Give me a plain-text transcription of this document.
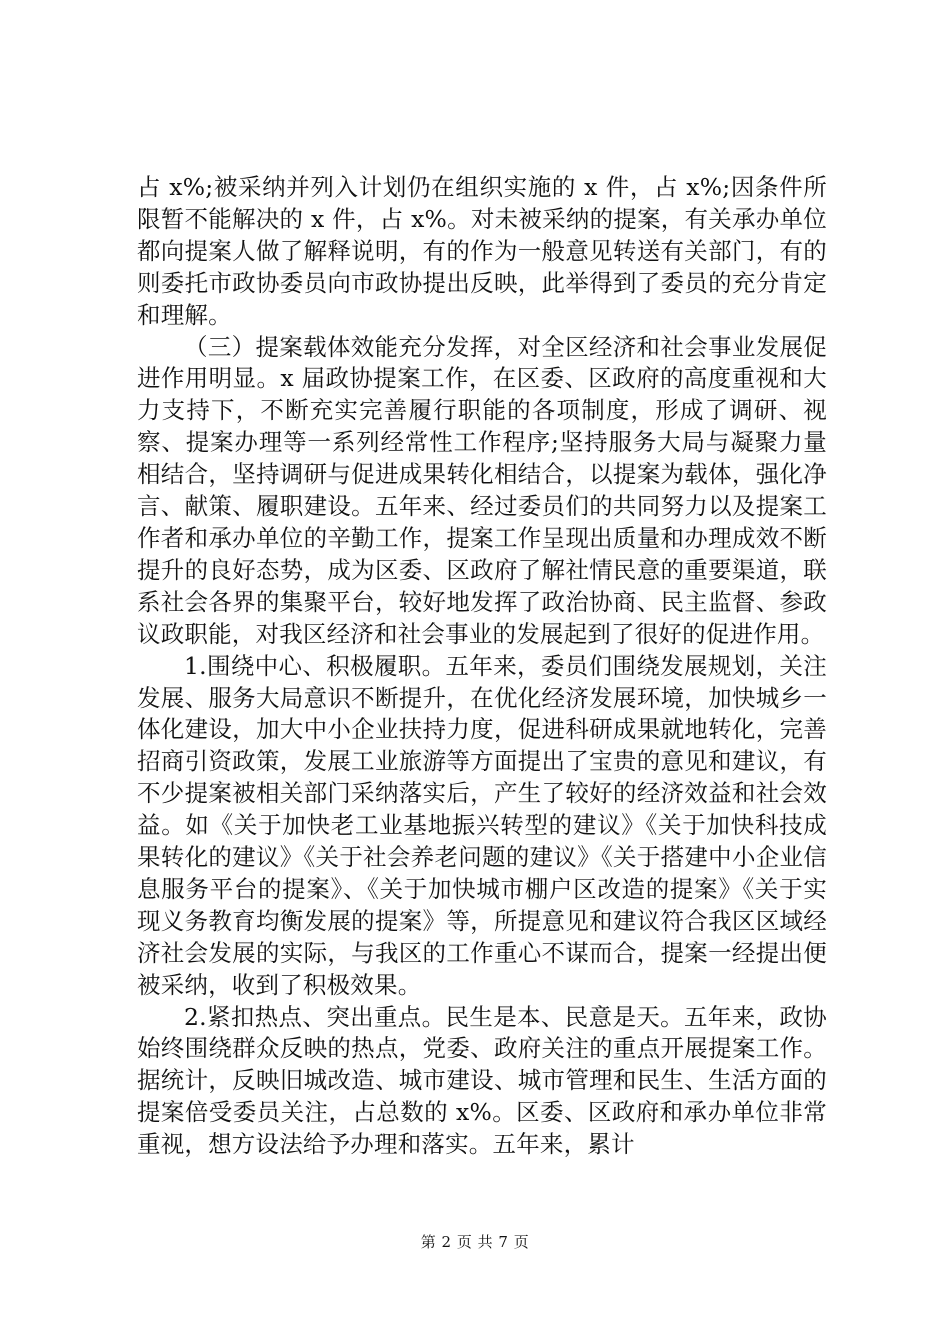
占 x%;被采纳并列入计划仍在组织实施的 x 件，占 x%;因条件所限暂不能解决的 x 件，占 x%。对未被采纳的提案，有关承办单位都向提案人做了解释说明，有的作为一般意见转送有关部门，有的则委托市政协委员向市政协提出反映，此举得到了委员的充分肯定和理解。

（三）提案载体效能充分发挥，对全区经济和社会事业发展促进作用明显。x 届政协提案工作，在区委、区政府的高度重视和大力支持下，不断充实完善履行职能的各项制度，形成了调研、视察、提案办理等一系列经常性工作程序;坚持服务大局与凝聚力量相结合，坚持调研与促进成果转化相结合，以提案为载体，强化净言、献策、履职建设。五年来、经过委员们的共同努力以及提案工作者和承办单位的辛勤工作，提案工作呈现出质量和办理成效不断提升的良好态势，成为区委、区政府了解社情民意的重要渠道，联系社会各界的集聚平台，较好地发挥了政治协商、民主监督、参政议政职能，对我区经济和社会事业的发展起到了很好的促进作用。

1.围绕中心、积极履职。五年来，委员们围绕发展规划，关注发展、服务大局意识不断提升，在优化经济发展环境，加快城乡一体化建设，加大中小企业扶持力度，促进科研成果就地转化，完善招商引资政策，发展工业旅游等方面提出了宝贵的意见和建议，有不少提案被相关部门采纳落实后，产生了较好的经济效益和社会效益。如《关于加快老工业基地振兴转型的建议》《关于加快科技成果转化的建议》《关于社会养老问题的建议》《关于搭建中小企业信息服务平台的提案》、《关于加快城市棚户区改造的提案》《关于实现义务教育均衡发展的提案》等，所提意见和建议符合我区区域经济社会发展的实际，与我区的工作重心不谋而合，提案一经提出便被采纳，收到了积极效果。

2.紧扣热点、突出重点。民生是本、民意是天。五年来，政协始终围绕群众反映的热点，党委、政府关注的重点开展提案工作。据统计，反映旧城改造、城市建设、城市管理和民生、生活方面的提案倍受委员关注，占总数的 x%。区委、区政府和承办单位非常重视，想方设法给予办理和落实。五年来，累计

第 2 页 共 7 页
